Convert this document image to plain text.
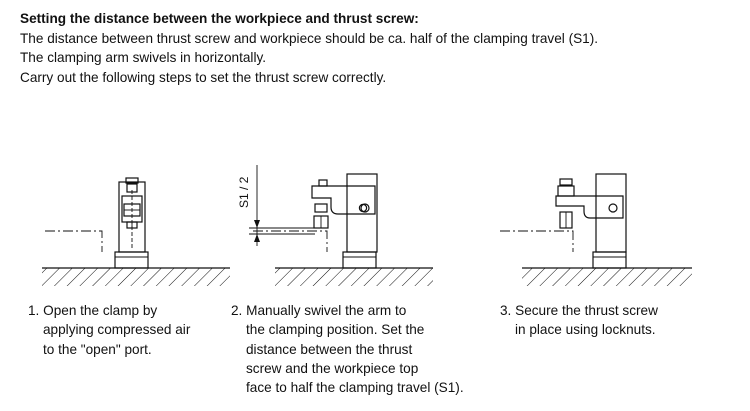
Setting the distance between the workpiece and thrust screw:
The distance between thrust screw and workpiece should be ca. half of the clamping travel (S1).
The clamping arm swivels in horizontally.
Carry out the following steps to set the thrust screw correctly.
S1 / 2
1. Open the clamp by
applying compressed air
to the "open" port.
2. Manually swivel the arm to
the clamping position. Set the
distance between the thrust
screw and the workpiece top
face to half the clamping travel (S1).
3. Secure the thrust screw
in place using locknuts.
